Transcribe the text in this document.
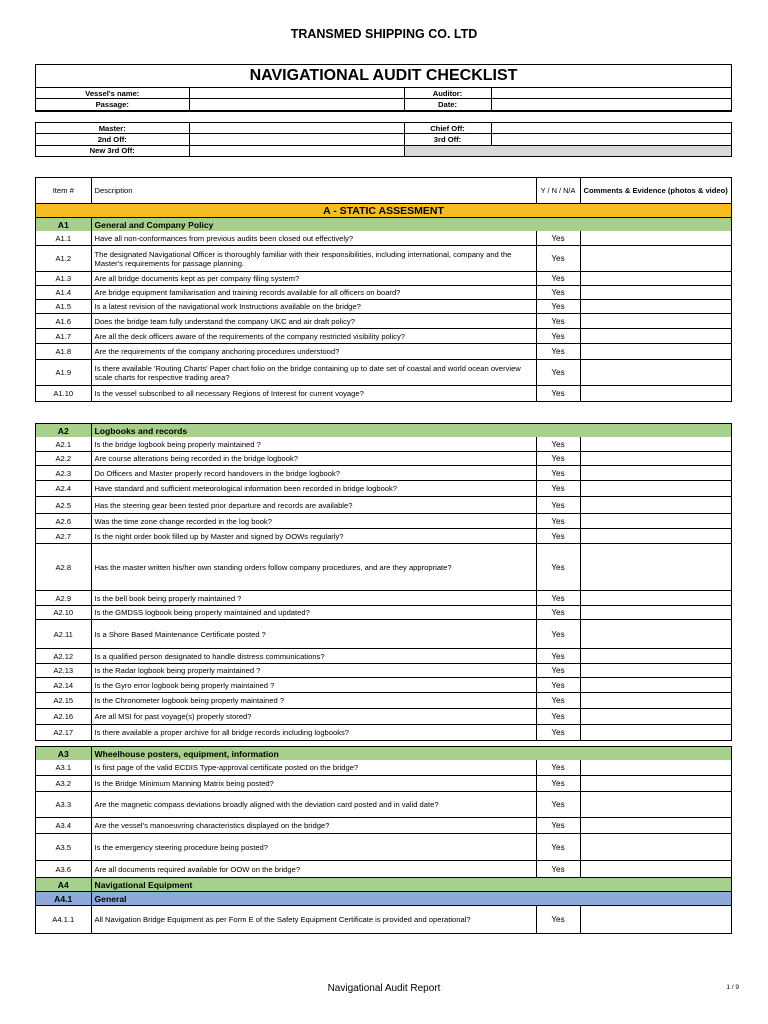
TRANSMED SHIPPING CO. LTD
NAVIGATIONAL AUDIT CHECKLIST
Vessel's name:		Auditor:	
Passage:		Date:	
Master:		Chief Off:	
2nd Off:		3rd Off:	
New 3rd Off:			
Item #	Description	Y / N / N/A	Comments & Evidence (photos & video)
A - STATIC ASSESMENT			
A1	General and Company Policy		
A1.1	Have all non-conformances from previous audits been closed out effectively?	Yes	
A1.2	The designated Navigational Officer is thoroughly familiar with their responsibilities, including international, company and the Master's requirements for passage planning.	Yes	
A1.3	Are all bridge documents kept as per company filing system?	Yes	
A1.4	Are bridge equipment familiarisation and training records available for all officers on board?	Yes	
A1.5	Is a latest revision of the navigational work Instructions available on the bridge?	Yes	
A1.6	Does the bridge team fully understand the company UKC and air draft policy?	Yes	
A1.7	Are all the deck officers aware of the requirements of the company restricted visibility policy?	Yes	
A1.8	Are the requirements of the company anchoring procedures understood?	Yes	
A1.9	Is there available 'Routing Charts' Paper chart folio on the bridge containing up to date set of coastal and world ocean overview scale charts for respective trading area?	Yes	
A1.10	Is the vessel subscribed to all necessary Regions of Interest for current voyage?	Yes	
A2	Logbooks and records		
A2.1	Is the bridge logbook being properly maintained ?	Yes	
A2.2	Are course alterations being recorded in the bridge logbook?	Yes	
A2.3	Do Officers and Master properly record handovers in the bridge logbook?	Yes	
A2.4	Have standard and sufficient meteorological information been recorded in bridge logbook?	Yes	
A2.5	Has the steering gear been tested prior departure and records are available?	Yes	
A2.6	Was the time zone change recorded in the log book?	Yes	
A2.7	Is the night order book filled up by Master and signed by OOWs regularly?	Yes	
A2.8	Has the master written his/her own standing orders follow company procedures, and are they appropriate?	Yes	
A2.9	Is the bell book being properly maintained ?	Yes	
A2.10	Is the GMDSS logbook being properly maintained and updated?	Yes	
A2.11	Is a Shore Based Maintenance Certificate posted ?	Yes	
A2.12	Is a qualified person designated to handle distress communications?	Yes	
A2.13	Is the Radar logbook being properly maintained ?	Yes	
A2.14	Is the Gyro error logbook being properly maintained ?	Yes	
A2.15	Is the Chronometer logbook being properly maintained ?	Yes	
A2.16	Are all MSI for past voyage(s) properly stored?	Yes	
A2.17	Is there available a proper archive for all bridge records including logbooks?	Yes	
A3	Wheelhouse posters, equipment, information		
A3.1	Is first page of the valid ECDIS Type-approval certificate posted on the bridge?	Yes	
A3.2	Is the Bridge Minimum Manning Matrix being posted?	Yes	
A3.3	Are the magnetic compass deviations broadly aligned with the deviation card posted and in valid date?	Yes	
A3.4	Are the vessel's manoeuvring characteristics displayed on the bridge?	Yes	
A3.5	Is the emergency steering procedure being posted?	Yes	
A3.6	Are all documents required available for OOW on the bridge?	Yes	
A4	Navigational Equipment		
A4.1	General		
A4.1.1	All Navigation Bridge Equipment as per Form E of the Safety Equipment Certificate is provided and operational?	Yes	
Navigational Audit Report	1 / 9
